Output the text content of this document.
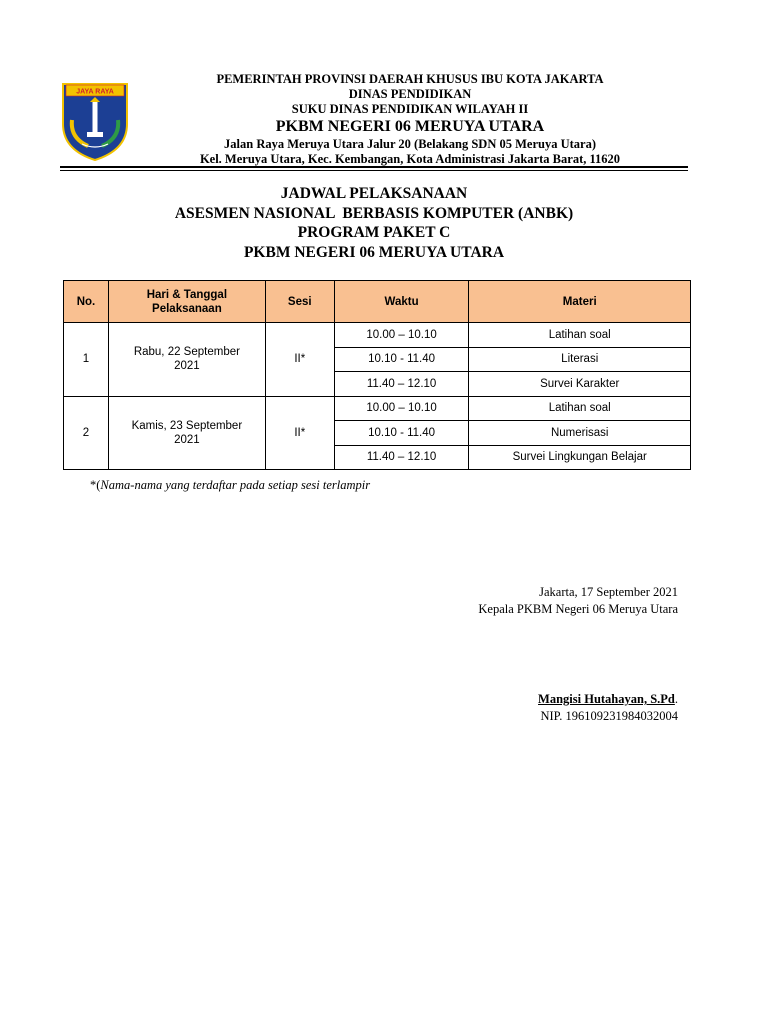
JAYA RAYA
PEMERINTAH PROVINSI DAERAH KHUSUS IBU KOTA JAKARTA
DINAS PENDIDIKAN
SUKU DINAS PENDIDIKAN WILAYAH II
PKBM NEGERI 06 MERUYA UTARA
Jalan Raya Meruya Utara Jalur 20 (Belakang SDN 05 Meruya Utara)
Kel. Meruya Utara, Kec. Kembangan, Kota Administrasi Jakarta Barat, 11620
JADWAL PELAKSANAAN
ASESMEN NASIONAL  BERBASIS KOMPUTER (ANBK)
PROGRAM PAKET C
PKBM NEGERI 06 MERUYA UTARA
No.	Hari & Tanggal Pelaksanaan	Sesi	Waktu	Materi
1	Rabu, 22 September 2021	II*	10.00 – 10.10	Latihan soal
			10.10 - 11.40	Literasi
			11.40 – 12.10	Survei Karakter
2	Kamis, 23 September 2021	II*	10.00 – 10.10	Latihan soal
			10.10 - 11.40	Numerisasi
			11.40 – 12.10	Survei Lingkungan Belajar
*(Nama-nama yang terdaftar pada setiap sesi terlampir
Jakarta, 17 September 2021
Kepala PKBM Negeri 06 Meruya Utara
Mangisi Hutahayan, S.Pd.
NIP. 196109231984032004
